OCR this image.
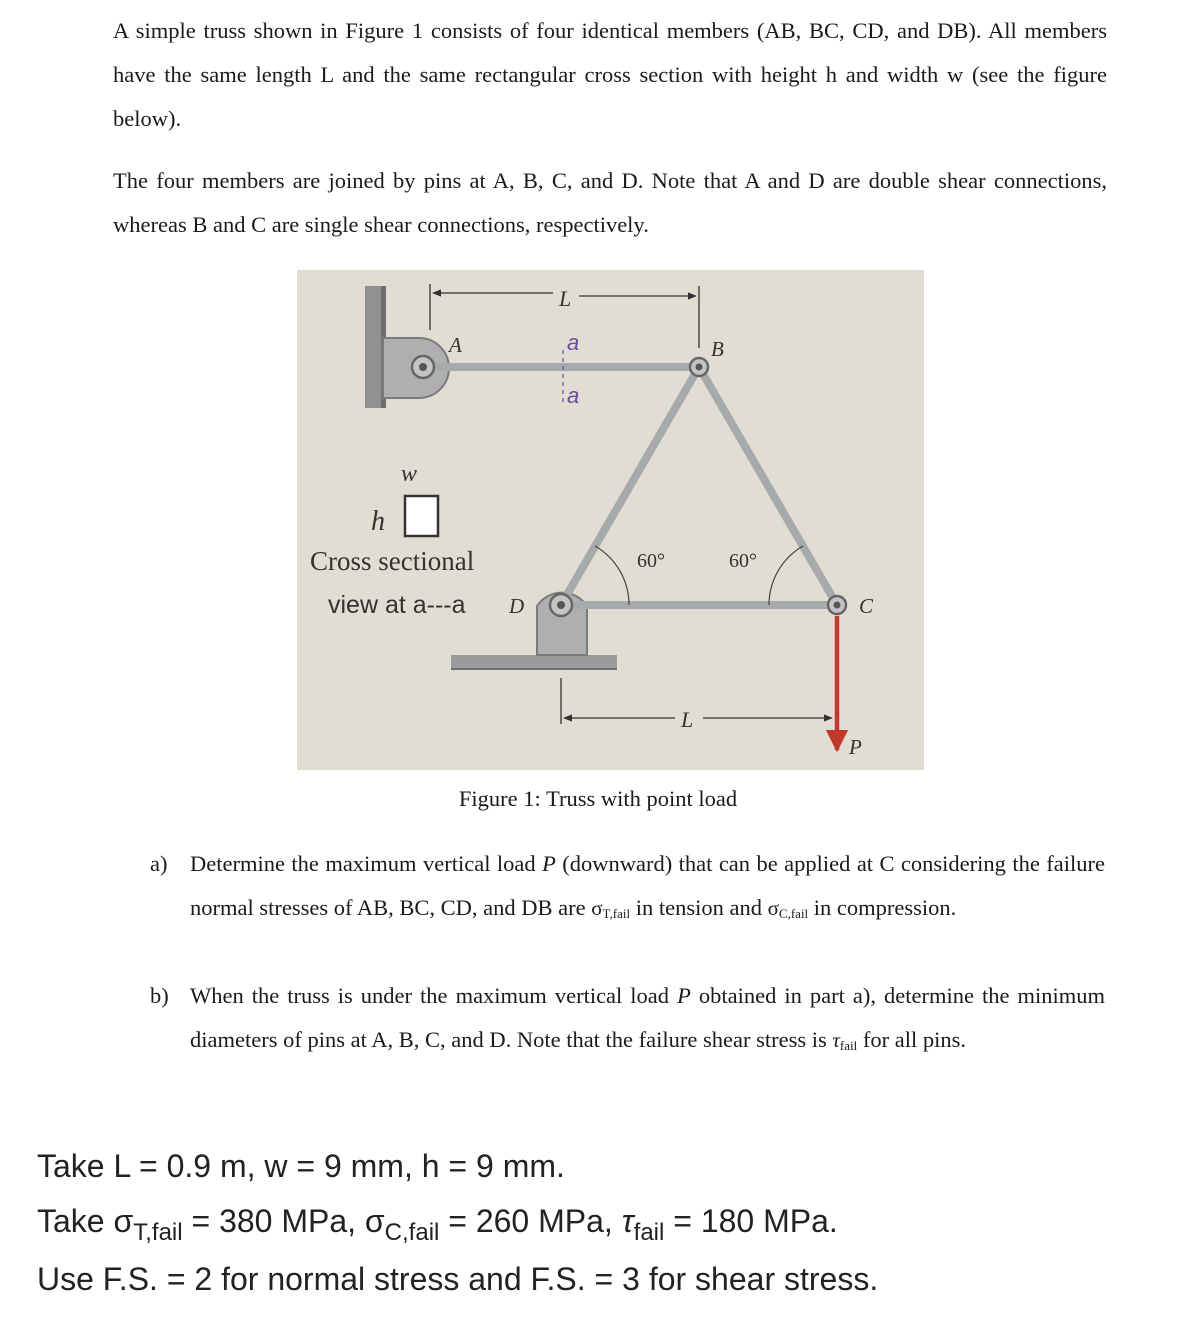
A simple truss shown in Figure 1 consists of four identical members (AB, BC, CD, and DB). All members have the same length L and the same rectangular cross section with height h and width w (see the figure below).
The four members are joined by pins at A, B, C, and D. Note that A and D are double shear connections, whereas B and C are single shear connections, respectively.
L
a
a
A	B
C
D
60°	60°
w
h
Cross sectional
view at a---a
L
P
Figure 1: Truss with point load
a) Determine the maximum vertical load P (downward) that can be applied at C considering the failure normal stresses of AB, BC, CD, and DB are $\sigma_{T,fail}$ in tension and $\sigma_{C,fail}$ in compression.
b) When the truss is under the maximum vertical load P obtained in part a), determine the minimum diameters of pins at A, B, C, and D. Note that the failure shear stress is $\tau_{fail}$ for all pins.
Take L = 0.9 m, w = 9 mm, h = 9 mm.
Take $\sigma_{T,fail} = 380$ MPa, $\sigma_{C,fail} = 260$ MPa, $\tau_{fail} = 180$ MPa.
Use F.S. = 2 for normal stress and F.S. = 3 for shear stress.
